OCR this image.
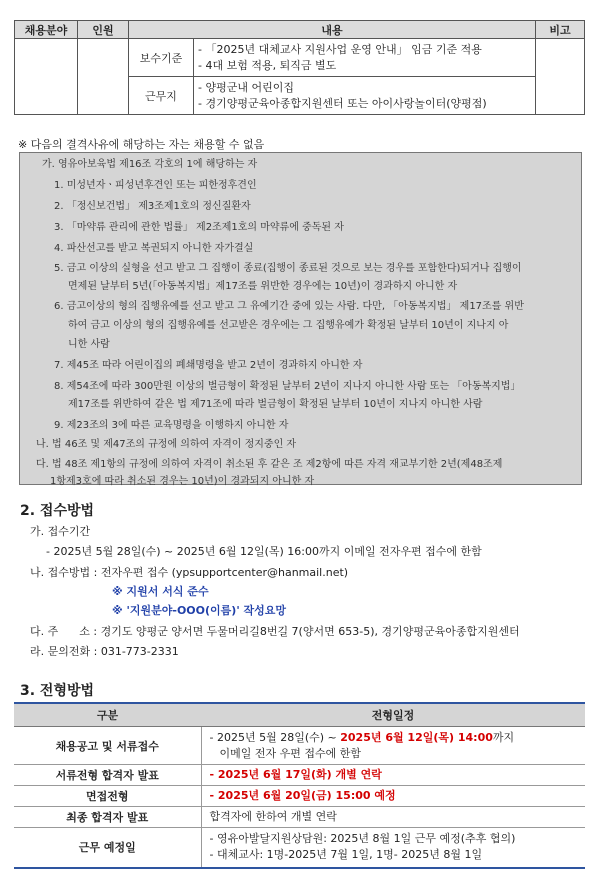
채용분야	인원	내용		비고
		보수기준	- 「2025년 대체교사 지원사업 운영 안내」 임금 기준 적용
- 4대 보험 적용, 퇴직금 별도	

		근무지	- 양평군내 어린이집
- 경기양평군육아종합지원센터 또는 아이사랑놀이터(양평점)	
※ 다음의 결격사유에 해당하는 자는 채용할 수 없음
가. 영유아보육법 제16조 각호의 1에 해당하는 자
1. 미성년자ㆍ피성년후견인 또는 피한정후견인
2. 「정신보건법」 제3조제1호의 정신질환자
3. 「마약류 관리에 관한 법률」 제2조제1호의 마약류에 중독된 자
4. 파산선고를 받고 복권되지 아니한 자가결실
5. 금고 이상의 실형을 선고 받고 그 집행이 종료(집행이 종료된 것으로 보는 경우를 포함한다)되거나 집행이
면제된 날부터 5년(「아동복지법」제17조를 위반한 경우에는 10년)이 경과하지 아니한 자
6. 금고이상의 형의 집행유예를 선고 받고 그 유예기간 중에 있는 사람. 다만, 「아동복지법」 제17조를 위반
하여 금고 이상의 형의 집행유예를 선고받은 경우에는 그 집행유예가 확정된 날부터 10년이 지나지 아
니한 사람
7. 제45조 따라 어린이집의 폐쇄명령을 받고 2년이 경과하지 아니한 자
8. 제54조에 따라 300만원 이상의 벌금형이 확정된 날부터 2년이 지나지 아니한 사람 또는 「아동복지법」
제17조를 위반하여 같은 법 제71조에 따라 벌금형이 확정된 날부터 10년이 지나지 아니한 사람
9. 제23조의 3에 따른 교육명령을 이행하지 아니한 자
나. 법 46조 및 제47조의 규정에 의하여 자격이 정지중인 자
다. 법 48조 제1항의 규정에 의하여 자격이 취소된 후 같은 조 제2항에 따른 자격 재교부기한 2년(제48조제
1항제3호에 따라 취소된 경우는 10년)이 경과되지 아니한 자
2. 접수방법
가. 접수기간
- 2025년 5월 28일(수) ~ 2025년 6월 12일(목) 16:00까지 이메일 전자우편 접수에 한함
나. 접수방법 : 전자우편 접수 (ypsupportcenter@hanmail.net)
※ 지원서 서식 준수
※ '지원분야-OOO(이름)' 작성요망
다. 주      소 : 경기도 양평군 양서면 두물머리길8번길 7(양서면 653-5), 경기양평군육아종합지원센터
라. 문의전화 : 031-773-2331
3. 전형방법
구분	전형일정
채용공고 및 서류접수	- 2025년 5월 28일(수) ~ 2025년 6월 12일(목) 14:00까지
이메일 전자 우편 접수에 한함

서류전형 합격자 발표	- 2025년 6월 17일(화) 개별 연락
면접전형	- 2025년 6월 20일(금) 15:00 예정
최종 합격자 발표	합격자에 한하여 개별 연락
근무 예정일	- 영유아발달지원상담원: 2025년 8월 1일 근무 예정(추후 협의)
- 대체교사: 1명-2025년 7월 1일, 1명- 2025년 8월 1일
